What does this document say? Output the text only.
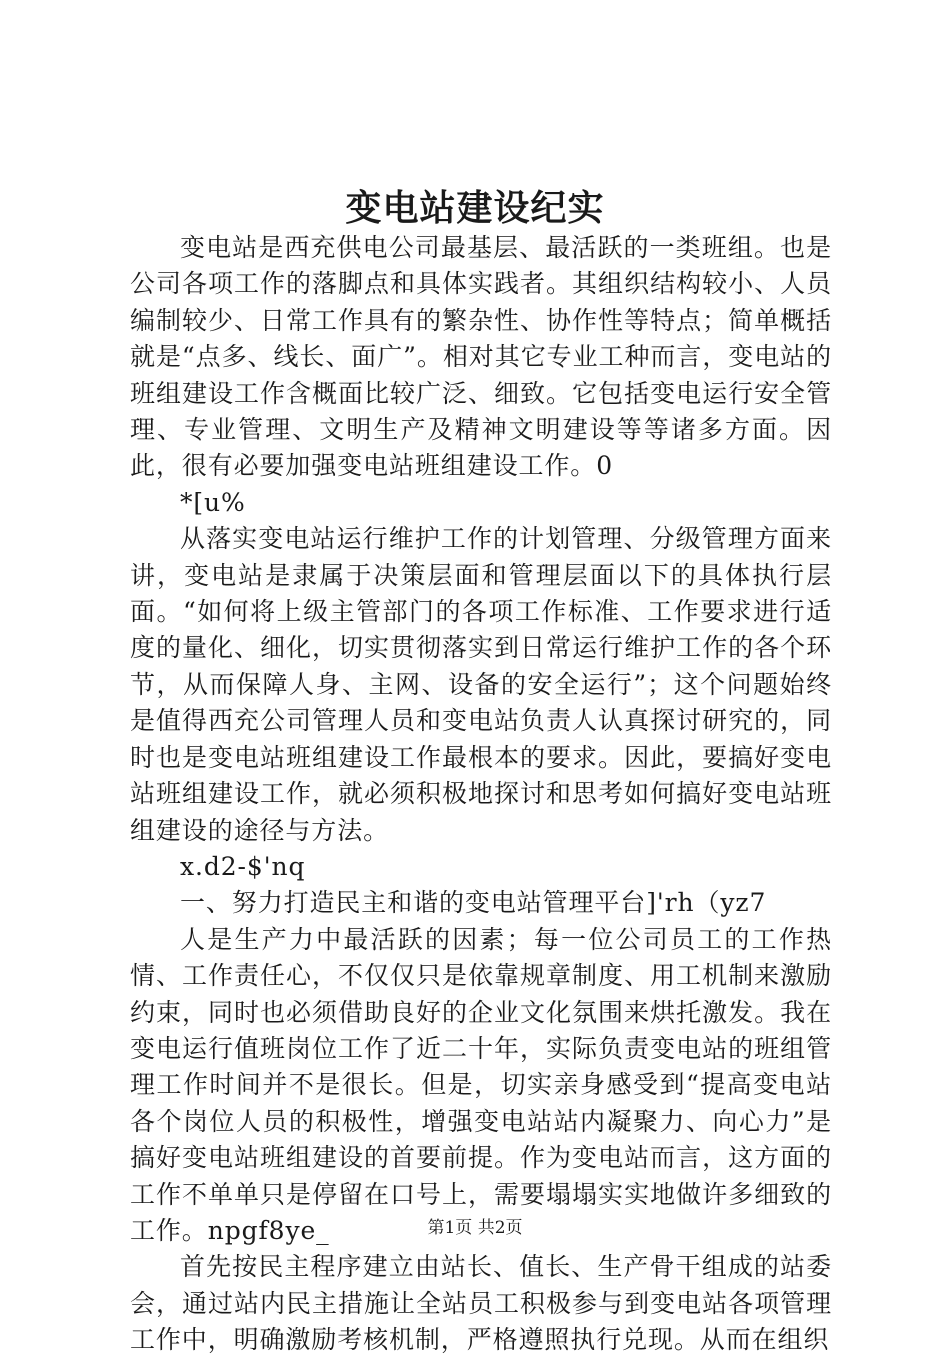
变电站建设纪实

变电站是西充供电公司最基层、最活跃的一类班组。也是公司各项工作的落脚点和具体实践者。其组织结构较小、人员编制较少、日常工作具有的繁杂性、协作性等特点；简单概括就是“点多、线长、面广”。相对其它专业工种而言，变电站的班组建设工作含概面比较广泛、细致。它包括变电运行安全管理、专业管理、文明生产及精神文明建设等等诸多方面。因此，很有必要加强变电站班组建设工作。0

*[u%

从落实变电站运行维护工作的计划管理、分级管理方面来讲，变电站是隶属于决策层面和管理层面以下的具体执行层面。“如何将上级主管部门的各项工作标准、工作要求进行适度的量化、细化，切实贯彻落实到日常运行维护工作的各个环节，从而保障人身、主网、设备的安全运行”；这个问题始终是值得西充公司管理人员和变电站负责人认真探讨研究的，同时也是变电站班组建设工作最根本的要求。因此，要搞好变电站班组建设工作，就必须积极地探讨和思考如何搞好变电站班组建设的途径与方法。

x.d2-$'nq

一、努力打造民主和谐的变电站管理平台]'rh（yz7

人是生产力中最活跃的因素；每一位公司员工的工作热情、工作责任心，不仅仅只是依靠规章制度、用工机制来激励约束，同时也必须借助良好的企业文化氛围来烘托激发。我在变电运行值班岗位工作了近二十年，实际负责变电站的班组管理工作时间并不是很长。但是，切实亲身感受到“提高变电站各个岗位人员的积极性，增强变电站站内凝聚力、向心力”是搞好变电站班组建设的首要前提。作为变电站而言，这方面的工作不单单只是停留在口号上，需要塌塌实实地做许多细致的工作。npgf8ye_

首先按民主程序建立由站长、值长、生产骨干组成的站委会，通过站内民主措施让全站员工积极参与到变电站各项管理工作中，明确激励考核机制，严格遵照执行兑现。从而在组织

第1页 共2页
